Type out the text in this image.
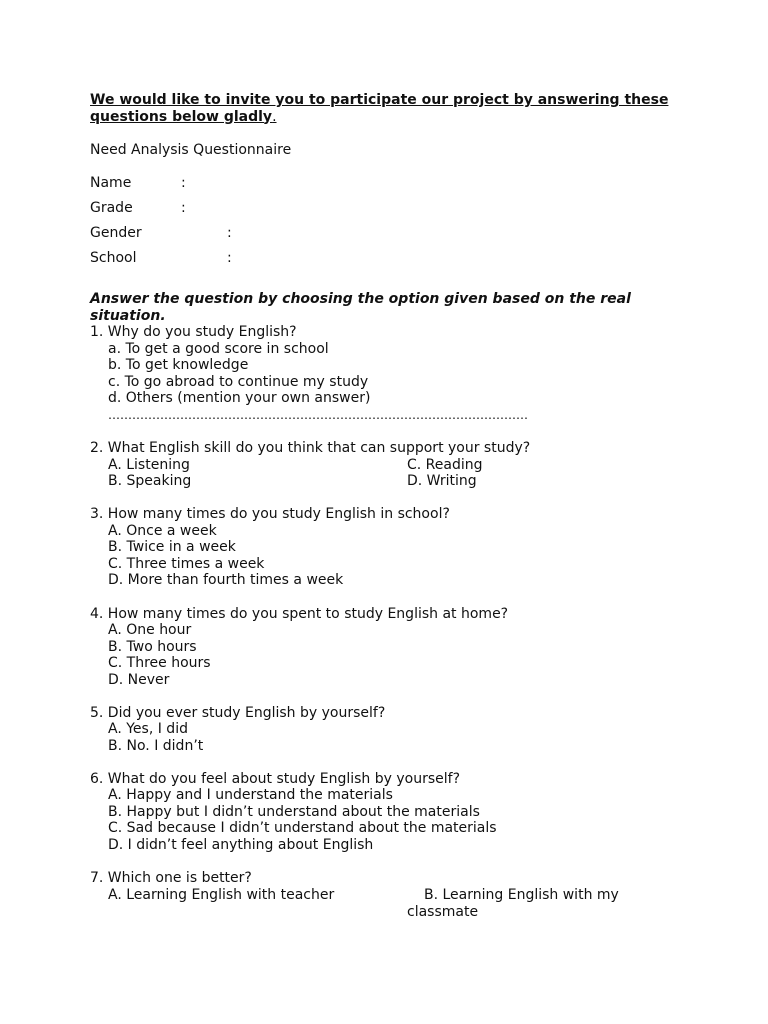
We would like to invite you to participate our project by answering these
questions below gladly.
Need Analysis Questionnaire
Name	:
Grade	:
Gender	:
School	:
Answer the question by choosing the option given based on the real
situation.
1. Why do you study English?
a. To get a good score in school
b. To get knowledge
c. To go abroad to continue my study
d. Others (mention your own answer)
……………………………………………………………………………………………
2. What English skill do you think that can support your study?
A. Listening	C. Reading
B. Speaking	D. Writing
3. How many times do you study English in school?
A. Once a week
B. Twice in a week
C. Three times a week
D. More than fourth times a week
4. How many times do you spent to study English at home?
A. One hour
B. Two hours
C. Three hours
D. Never
5. Did you ever study English by yourself?
A. Yes, I did
B. No. I didn’t
6. What do you feel about study English by yourself?
A. Happy and I understand the materials
B. Happy but I didn’t understand about the materials
C. Sad because I didn’t understand about the materials
D. I didn’t feel anything about English
7. Which one is better?
A. Learning English with teacher	B. Learning English with my
classmate
